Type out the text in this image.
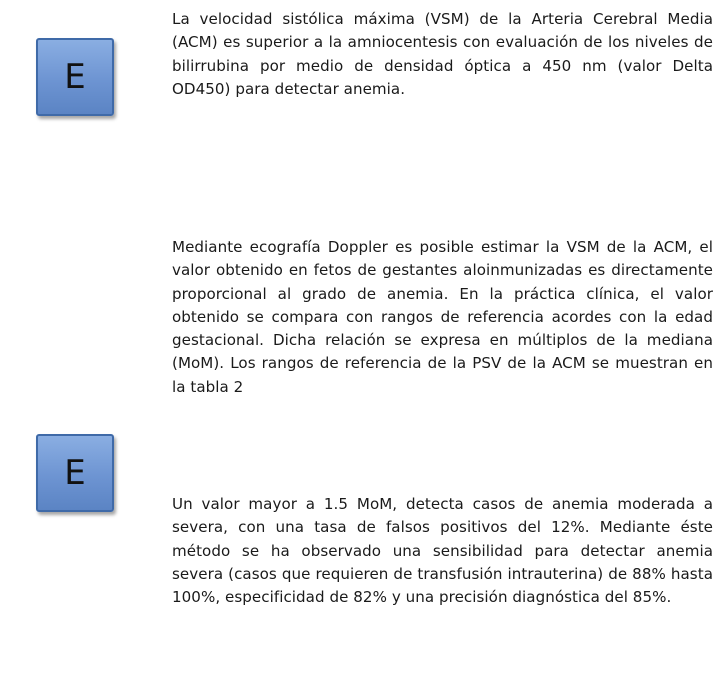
E

La velocidad sistólica máxima (VSM) de la Arteria Cerebral Media (ACM) es superior a la amniocentesis con evaluación de los niveles de bilirrubina por medio de densidad óptica a 450 nm (valor Delta OD450) para detectar anemia.

Mediante ecografía Doppler es posible estimar la VSM de la ACM, el valor obtenido en fetos de gestantes aloinmunizadas es directamente proporcional al grado de anemia. En la práctica clínica, el valor obtenido se compara con rangos de referencia acordes con la edad gestacional. Dicha relación se expresa en múltiplos de la mediana (MoM). Los rangos de referencia de la PSV de la ACM se muestran en la tabla 2

E

Un valor mayor a 1.5 MoM, detecta casos de anemia moderada a severa, con una tasa de falsos positivos del 12%. Mediante éste método se ha observado una sensibilidad para detectar anemia severa (casos que requieren de transfusión intrauterina) de 88% hasta 100%, especificidad de 82% y una precisión diagnóstica del 85%.
